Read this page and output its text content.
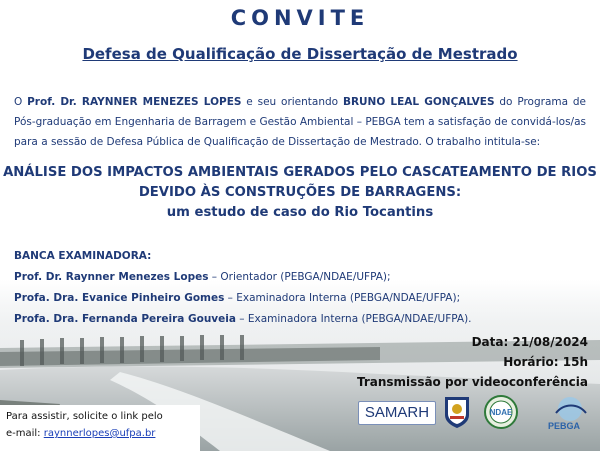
CONVITE
Defesa de Qualificação de Dissertação de Mestrado
O Prof. Dr. RAYNNER MENEZES LOPES e seu orientando BRUNO LEAL GONÇALVES do Programa de Pós-graduação em Engenharia de Barragem e Gestão Ambiental – PEBGA tem a satisfação de convidá-los/as para a sessão de Defesa Pública de Qualificação de Dissertação de Mestrado. O trabalho intitula-se:
ANÁLISE DOS IMPACTOS AMBIENTAIS GERADOS PELO CASCATEAMENTO DE RIOS
DEVIDO ÀS CONSTRUÇÕES DE BARRAGENS:
um estudo de caso do Rio Tocantins
BANCA EXAMINADORA:
Prof. Dr. Raynner Menezes Lopes – Orientador (PEBGA/NDAE/UFPA);
Profa. Dra. Evanice Pinheiro Gomes – Examinadora Interna (PEBGA/NDAE/UFPA);
Profa. Dra. Fernanda Pereira Gouveia – Examinadora Interna (PEBGA/NDAE/UFPA).
Data: 21/08/2024
Horário: 15h
Transmissão por videoconferência
Para assistir, solicite o link pelo
e-mail: raynnerlopes@ufpa.br
SAMARH	NDAE
PEBGA
